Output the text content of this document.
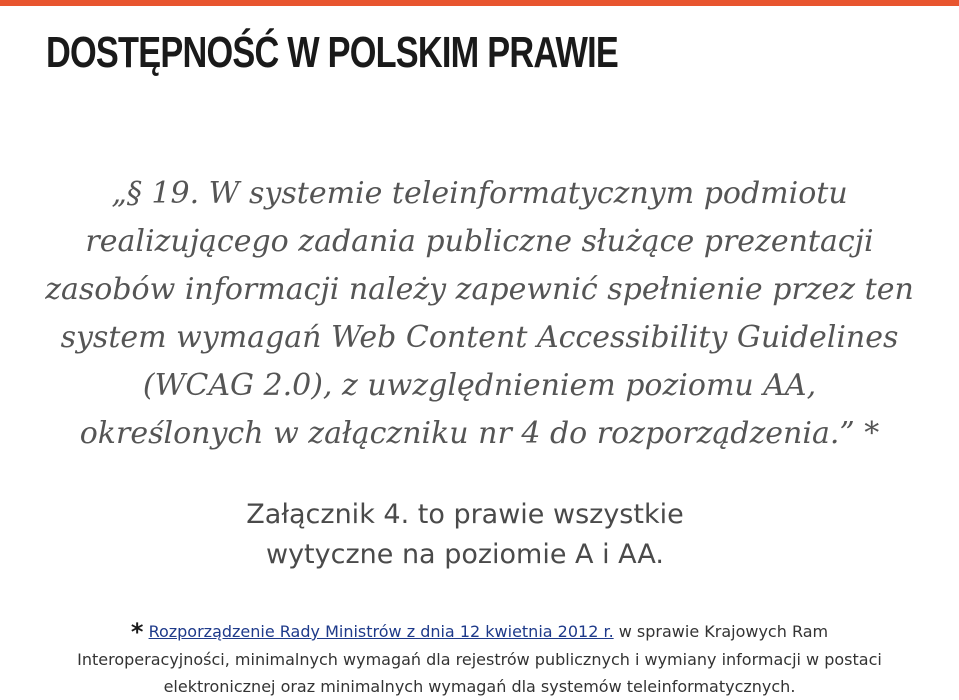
DOSTĘPNOŚĆ W POLSKIM PRAWIE
„§ 19. W systemie teleinformatycznym podmiotu
realizującego zadania publiczne służące prezentacji
zasobów informacji należy zapewnić spełnienie przez ten
system wymagań Web Content Accessibility Guidelines
(WCAG 2.0), z uwzględnieniem poziomu AA,
określonych w załączniku nr 4 do rozporządzenia.” *
Załącznik 4. to prawie wszystkie
wytyczne na poziomie A i AA.
* Rozporządzenie Rady Ministrów z dnia 12 kwietnia 2012 r. w sprawie Krajowych Ram
Interoperacyjności, minimalnych wymagań dla rejestrów publicznych i wymiany informacji w postaci
elektronicznej oraz minimalnych wymagań dla systemów teleinformatycznych.
